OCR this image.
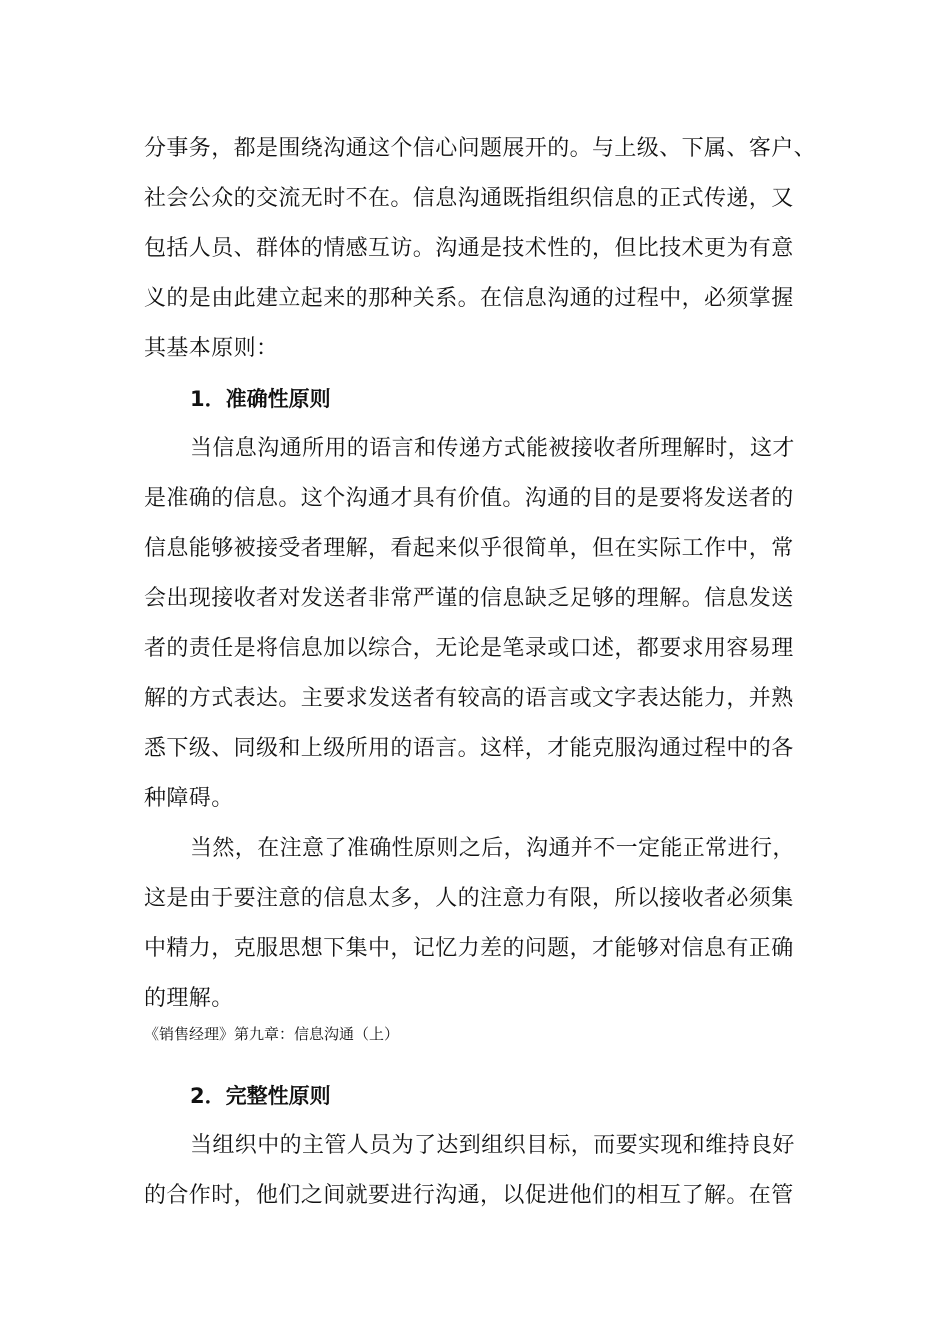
分事务，都是围绕沟通这个信心问题展开的。与上级、下属、客户、
社会公众的交流无时不在。信息沟通既指组织信息的正式传递，又
包括人员、群体的情感互访。沟通是技术性的，但比技术更为有意
义的是由此建立起来的那种关系。在信息沟通的过程中，必须掌握
其基本原则：
1．准确性原则
当信息沟通所用的语言和传递方式能被接收者所理解时，这才
是准确的信息。这个沟通才具有价值。沟通的目的是要将发送者的
信息能够被接受者理解，看起来似乎很简单，但在实际工作中，常
会出现接收者对发送者非常严谨的信息缺乏足够的理解。信息发送
者的责任是将信息加以综合，无论是笔录或口述，都要求用容易理
解的方式表达。主要求发送者有较高的语言或文字表达能力，并熟
悉下级、同级和上级所用的语言。这样，才能克服沟通过程中的各
种障碍。
当然，在注意了准确性原则之后，沟通并不一定能正常进行，
这是由于要注意的信息太多，人的注意力有限，所以接收者必须集
中精力，克服思想下集中，记忆力差的问题，才能够对信息有正确
的理解。
《销售经理》第九章：信息沟通（上）
2．完整性原则
当组织中的主管人员为了达到组织目标，而要实现和维持良好
的合作时，他们之间就要进行沟通，以促进他们的相互了解。在管
